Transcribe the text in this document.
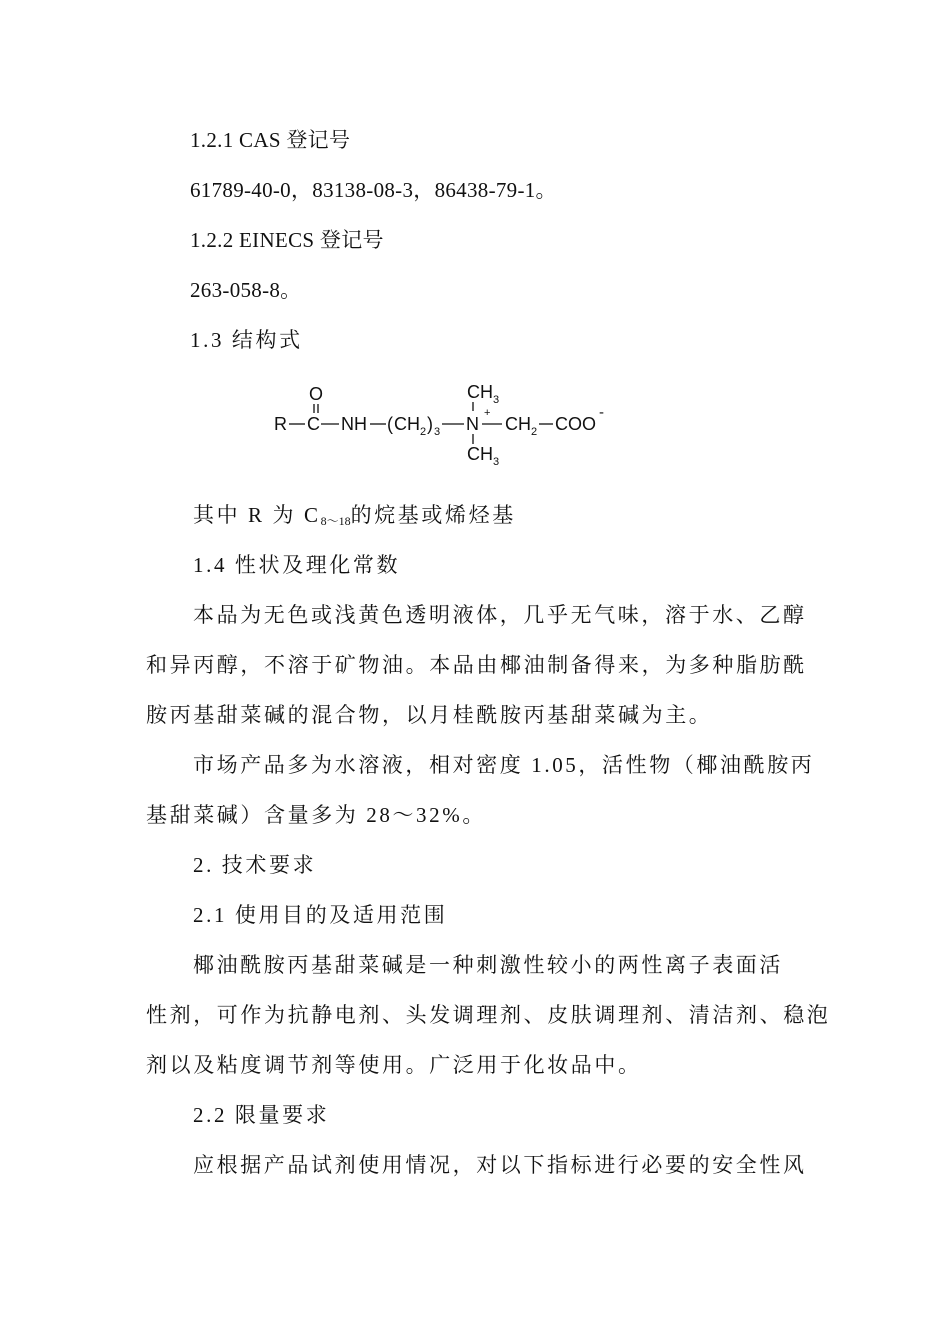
1.2.1 CAS 登记号
61789-40-0，83138-08-3，86438-79-1。
1.2.2 EINECS 登记号
263-058-8。
1.3 结构式
R C
O
NH ( CH 2 ) 3 N
+
CH 3
CH 3
CH 2 COO
-
其中 R 为 $C_{8\sim 18}$的烷基或烯烃基
1.4 性状及理化常数
本品为无色或浅黄色透明液体，几乎无气味，溶于水、乙醇
和异丙醇，不溶于矿物油。本品由椰油制备得来，为多种脂肪酰
胺丙基甜菜碱的混合物，以月桂酰胺丙基甜菜碱为主。
市场产品多为水溶液，相对密度 1.05，活性物（椰油酰胺丙
基甜菜碱）含量多为 28～32%。
2. 技术要求
2.1 使用目的及适用范围
椰油酰胺丙基甜菜碱是一种刺激性较小的两性离子表面活
性剂，可作为抗静电剂、头发调理剂、皮肤调理剂、清洁剂、稳泡
剂以及粘度调节剂等使用。广泛用于化妆品中。
2.2 限量要求
应根据产品试剂使用情况，对以下指标进行必要的安全性风
